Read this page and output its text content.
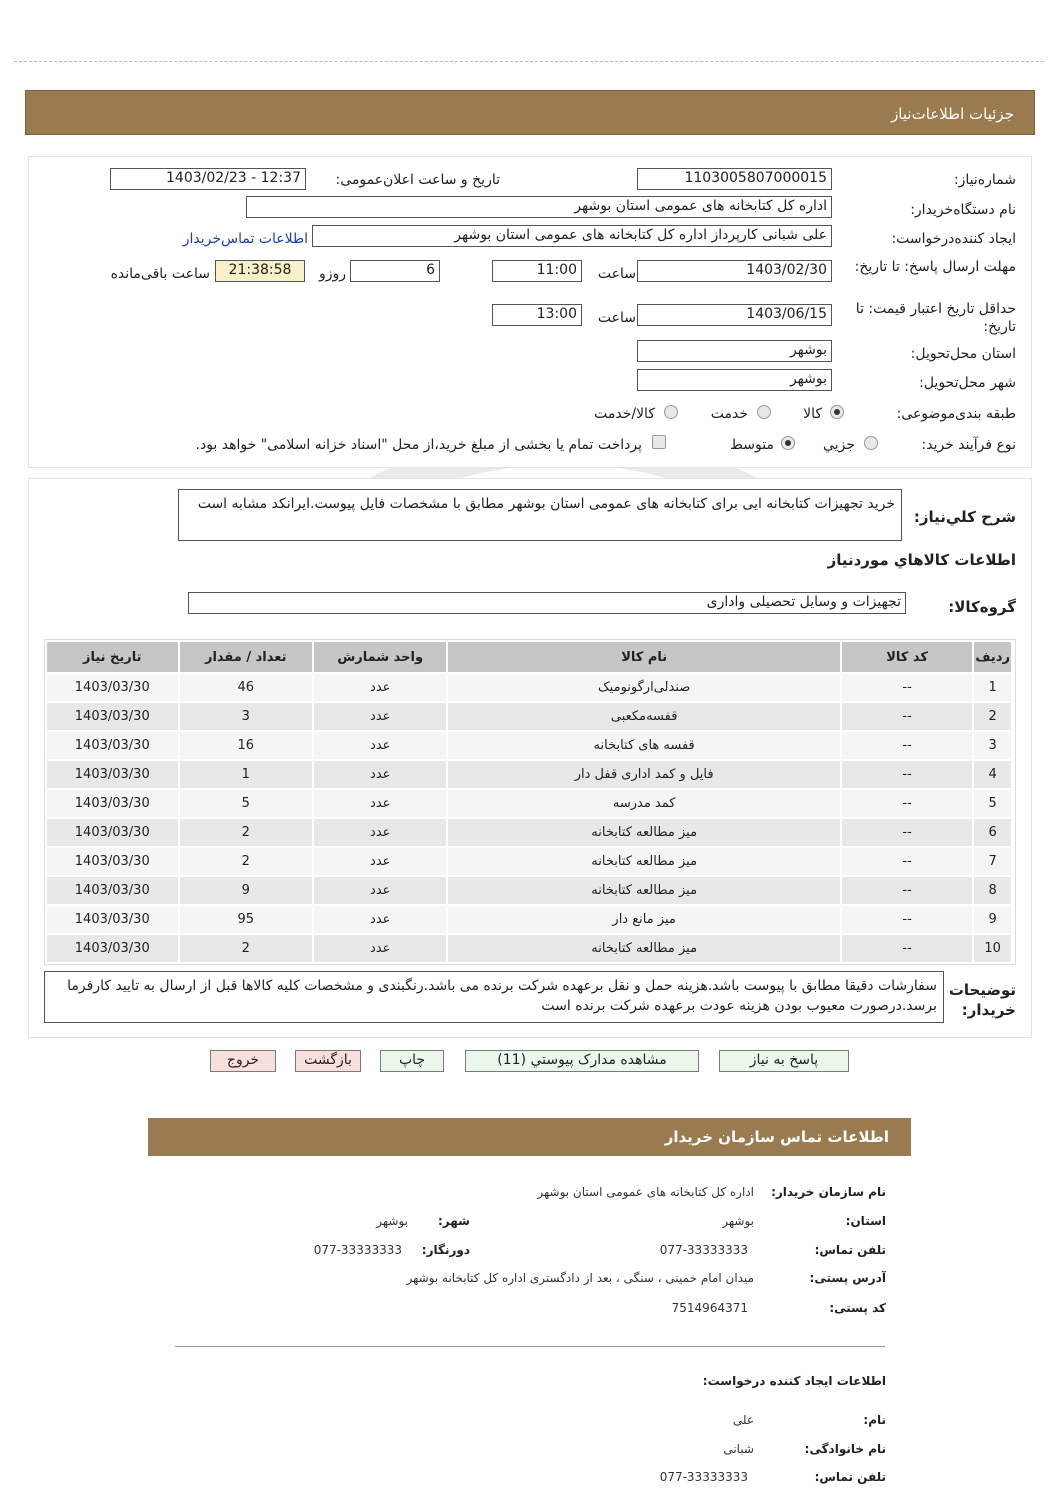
جزئیات اطلاعات‌نیاز
شماره‌نیاز:
1103005807000015
تاریخ و ساعت اعلان‌عمومی:
1403/02/23 - 12:37
نام دستگاه‌خریدار:
اداره کل کتابخانه های عمومی استان بوشهر
ایجاد کننده‌درخواست:
علی شبانی کارپرداز اداره کل کتابخانه های عمومی استان بوشهر
اطلاعات تماس‌خریدار
مهلت ارسال پاسخ: تا تاریخ:
1403/02/30
ساعت
11:00
6
روزو
21:38:58
ساعت باقی‌مانده
حداقل تاریخ اعتبار قیمت: تا تاریخ:
1403/06/15
ساعت
13:00
استان محل‌تحویل:
بوشهر
شهر محل‌تحویل:
بوشهر
طبقه بندی‌موضوعی:
کالا
خدمت
کالا/خدمت
نوع فرآیند خرید:
جزيي
متوسط
پرداخت تمام یا بخشی از مبلغ خرید،از محل "اسناد خزانه اسلامی" خواهد بود.
شرح کلي‌نیاز:
خرید تجهیزات کتابخانه ایی برای کتابخانه های عمومی استان بوشهر مطابق با مشخصات فایل پیوست.ایرانکد مشابه است
اطلاعات کالاهاي موردنیاز
گروه‌کالا:
تجهیزات و وسایل تحصیلی واداری
ردیف	کد کالا	نام کالا	واحد شمارش	تعداد / مقدار	تاریخ نیاز
1	--	صندلی‌ارگونومیک	عدد	46	1403/03/30
2	--	قفسه‌مکعبی	عدد	3	1403/03/30
3	--	قفسه های کتابخانه	عدد	16	1403/03/30
4	--	فایل و کمد اداری قفل دار	عدد	1	1403/03/30
5	--	کمد مدرسه	عدد	5	1403/03/30
6	--	میز مطالعه کتابخانه	عدد	2	1403/03/30
7	--	میز مطالعه کتابخانه	عدد	2	1403/03/30
8	--	میز مطالعه کتابخانه	عدد	9	1403/03/30
9	--	میز مانع دار	عدد	95	1403/03/30
10	--	میز مطالعه کتابخانه	عدد	2	1403/03/30
توضیحات خریدار:
سفارشات دقیقا مطابق با پیوست باشد.هزینه حمل و نقل برعهده شرکت برنده می باشد.رنگبندی و مشخصات کلیه کالاها قبل از ارسال به تایید کارفرما برسد.درصورت معیوب بودن هزینه عودت برعهده شرکت برنده است
پاسخ به نیاز
مشاهده مدارک پیوستي (11)
چاپ
بازگشت
خروج
اطلاعات تماس سازمان خریدار
نام سازمان خریدار:
اداره کل کتابخانه های عمومی استان بوشهر
استان:
بوشهر
شهر:
بوشهر
تلفن تماس:
077-33333333
دورنگار:
077-33333333
آدرس پستی:
میدان امام خمینی ، سنگی ، بعد از دادگستری اداره کل کتابخانه بوشهر
کد پستی:
7514964371
اطلاعات ایجاد کننده درخواست:
نام:
علی
نام خانوادگی:
شبانی
تلفن تماس:
077-33333333
